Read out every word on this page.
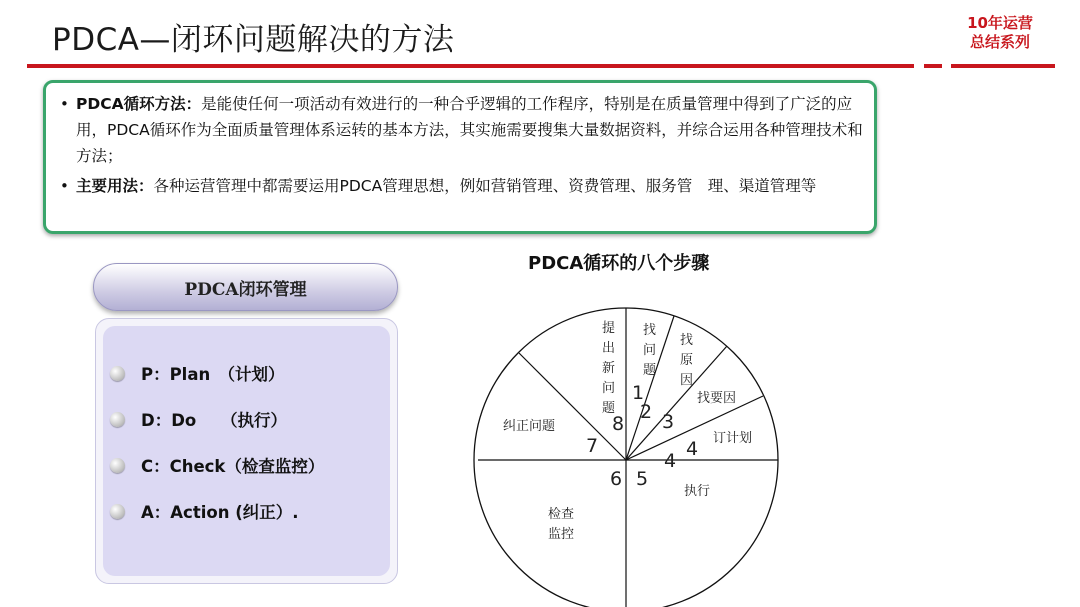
PDCA—闭环问题解决的方法	10年运营
总结系列
• PDCA循环方法：是能使任何一项活动有效进行的一种合乎逻辑的工作程序，特别是在质量管理中得到了广泛的应用，PDCA循环作为全面质量管理体系运转的基本方法，其实施需要搜集大量数据资料，并综合运用各种管理技术和方法；
• 主要用法：各种运营管理中都需要运用PDCA管理思想，例如营销管理、资费管理、服务管　理、渠道管理等
PDCA闭环管理
P：Plan　（计划）
D：Do　　（执行）
C：Check（检查监控）
A：Action (纠正）.
PDCA循环的八个步骤
提出新问题
找问题
找原因
找要因
订计划
执行
检查监控
纠正问题
1
2 3
4
4
5
6
7
8
